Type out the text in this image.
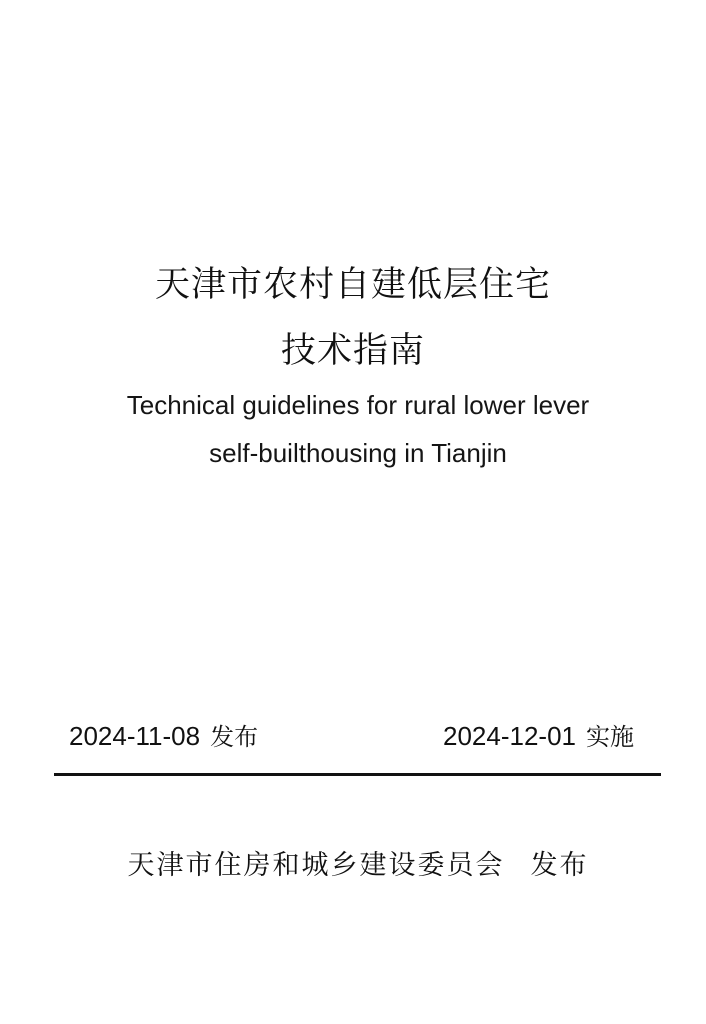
天津市农村自建低层住宅
技术指南
Technical guidelines for rural lower lever
self-builthousing in Tianjin
2024-11-08 发布	2024-12-01 实施
天津市住房和城乡建设委员会 发布
